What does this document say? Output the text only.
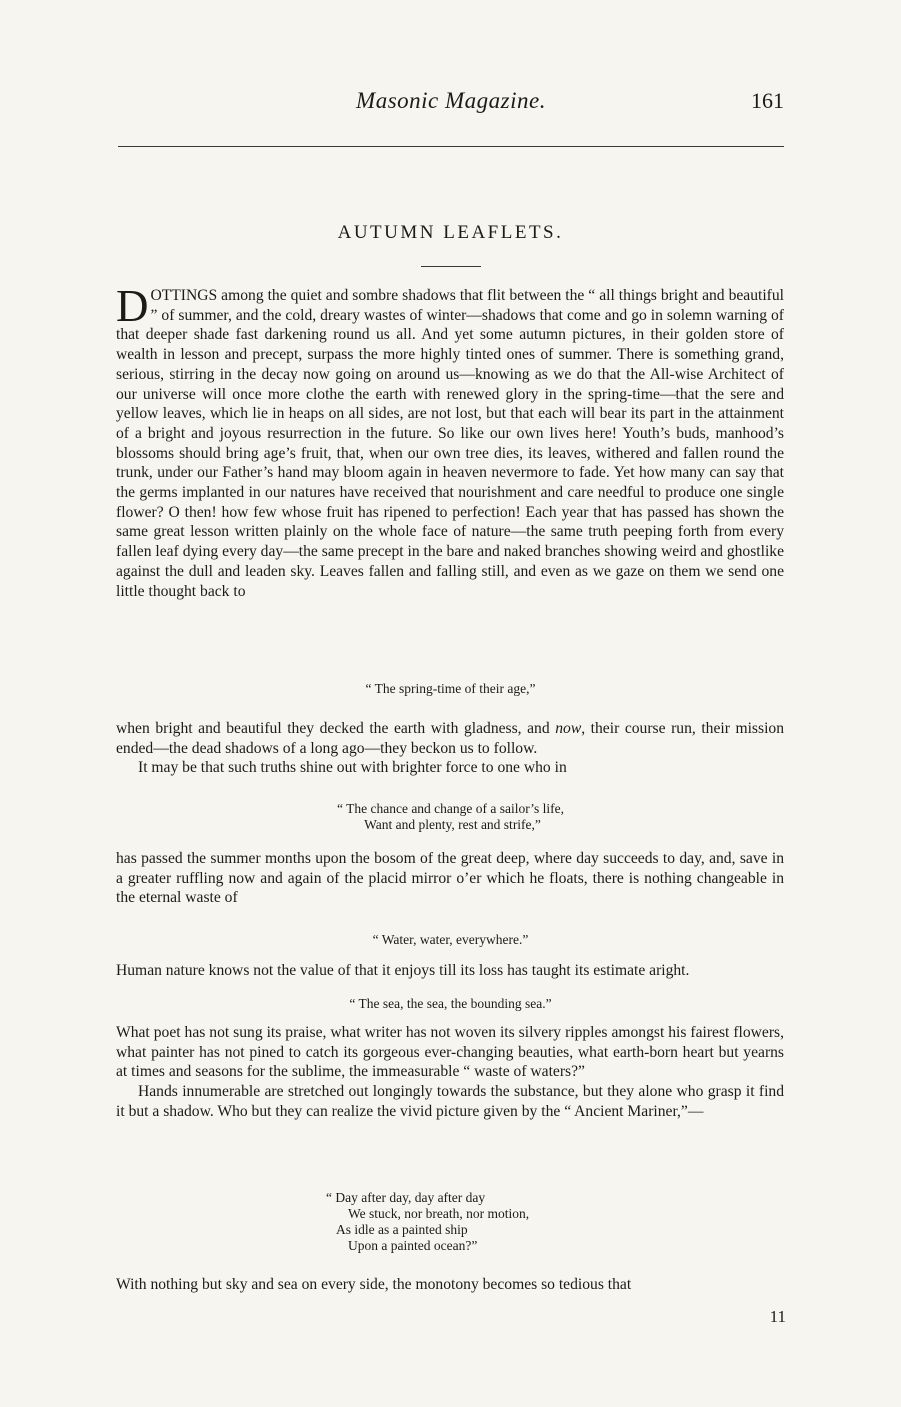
Masonic Magazine.	161
AUTUMN LEAFLETS.

DOTTINGS among the quiet and sombre shadows that flit between the “ all things bright and beautiful ” of summer, and the cold, dreary wastes of winter—shadows that come and go in solemn warning of that deeper shade fast darkening round us all. And yet some autumn pictures, in their golden store of wealth in lesson and precept, surpass the more highly tinted ones of summer. There is something grand, serious, stirring in the decay now going on around us—knowing as we do that the All-wise Architect of our universe will once more clothe the earth with renewed glory in the spring-time—that the sere and yellow leaves, which lie in heaps on all sides, are not lost, but that each will bear its part in the attainment of a bright and joyous resurrection in the future. So like our own lives here! Youth’s buds, manhood’s blossoms should bring age’s fruit, that, when our own tree dies, its leaves, withered and fallen round the trunk, under our Father’s hand may bloom again in heaven nevermore to fade. Yet how many can say that the germs implanted in our natures have received that nourishment and care needful to produce one single flower? O then! how few whose fruit has ripened to perfection! Each year that has passed has shown the same great lesson written plainly on the whole face of nature—the same truth peeping forth from every fallen leaf dying every day—the same precept in the bare and naked branches showing weird and ghostlike against the dull and leaden sky. Leaves fallen and falling still, and even as we gaze on them we send one little thought back to

“ The spring-time of their age,”

when bright and beautiful they decked the earth with gladness, and now, their course run, their mission ended—the dead shadows of a long ago—they beckon us to follow.

It may be that such truths shine out with brighter force to one who in

“ The chance and change of a sailor’s life,
Want and plenty, rest and strife,”

has passed the summer months upon the bosom of the great deep, where day succeeds to day, and, save in a greater ruffling now and again of the placid mirror o’er which he floats, there is nothing changeable in the eternal waste of

“ Water, water, everywhere.”

Human nature knows not the value of that it enjoys till its loss has taught its estimate aright.

“ The sea, the sea, the bounding sea.”

What poet has not sung its praise, what writer has not woven its silvery ripples amongst his fairest flowers, what painter has not pined to catch its gorgeous ever-changing beauties, what earth-born heart but yearns at times and seasons for the sublime, the immeasurable “ waste of waters?”

Hands innumerable are stretched out longingly towards the substance, but they alone who grasp it find it but a shadow. Who but they can realize the vivid picture given by the “ Ancient Mariner,”—

“ Day after day, day after day
We stuck, nor breath, nor motion,
As idle as a painted ship
Upon a painted ocean?”

With nothing but sky and sea on every side, the monotony becomes so tedious that

11
